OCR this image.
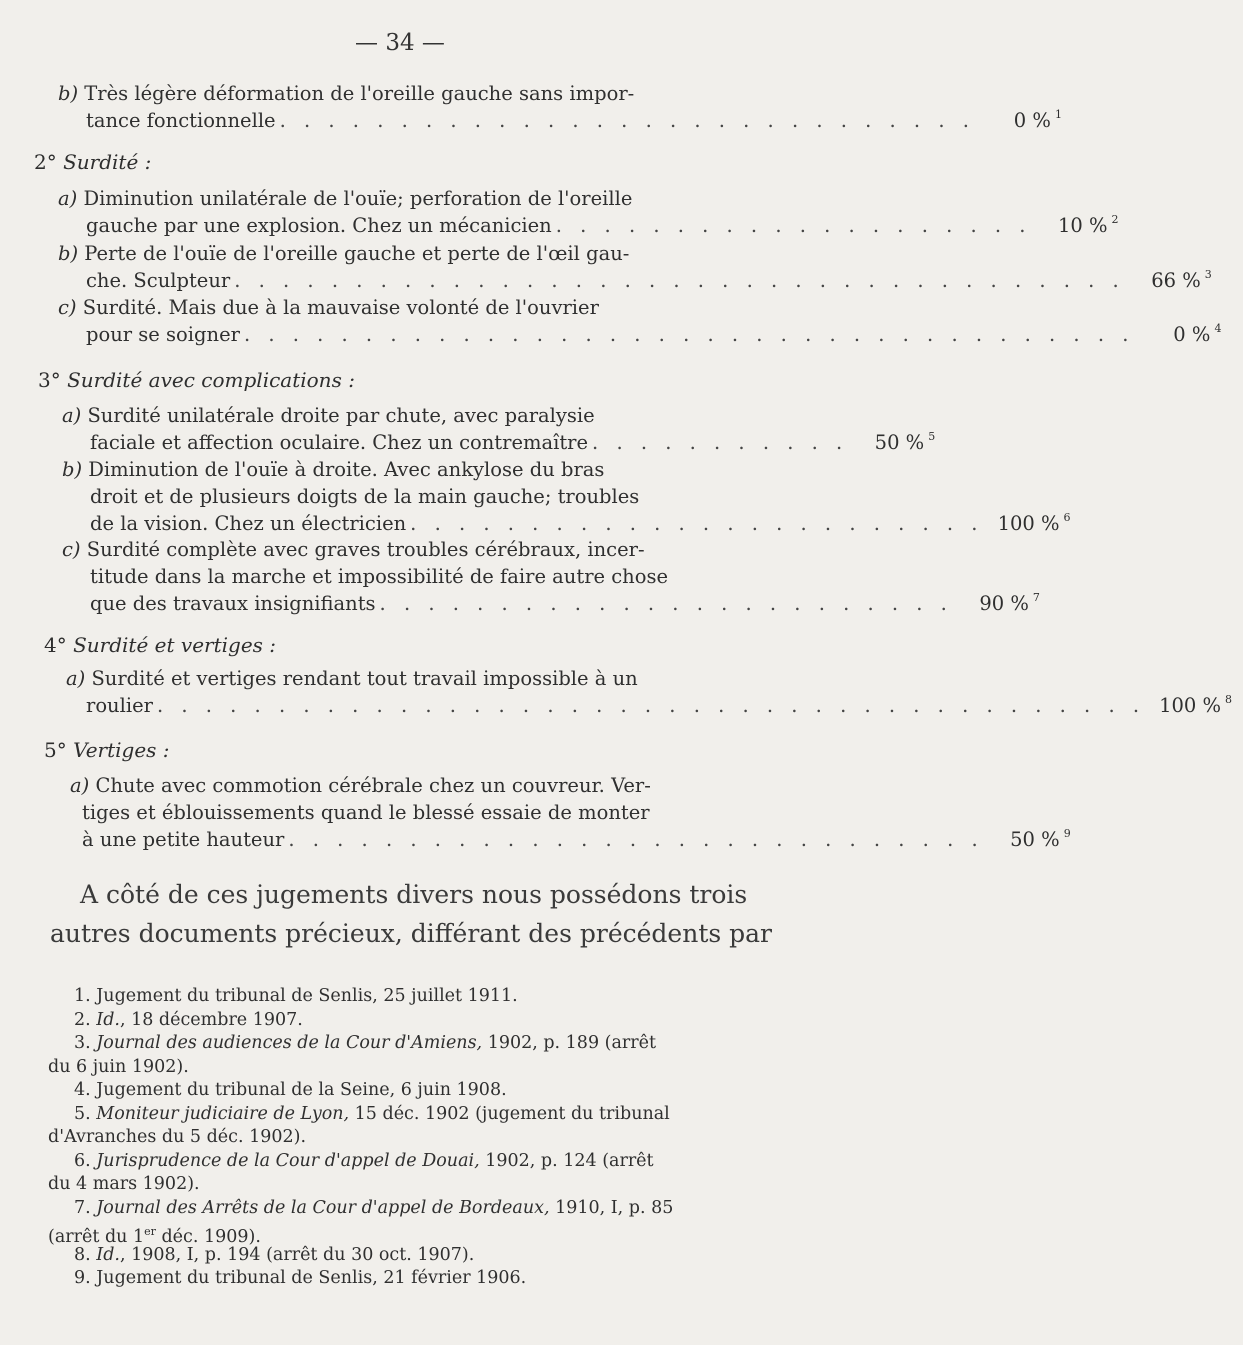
— 34 —
b) Très légère déformation de l'oreille gauche sans impor-
tance fonctionnelle . . . . . . . . . . . . . . . . . . . . . . . . . . . . .	0 % 1
2° Surdité :
a) Diminution unilatérale de l'ouïe; perforation de l'oreille
gauche par une explosion. Chez un mécanicien . . . . . . . . . . . . . . . . . . . .	10 % 2
b) Perte de l'ouïe de l'oreille gauche et perte de l'œil gau-
che. Sculpteur . . . . . . . . . . . . . . . . . . . . . . . . . . . . . . . . . . . . .	66 % 3
c) Surdité. Mais due à la mauvaise volonté de l'ouvrier
pour se soigner . . . . . . . . . . . . . . . . . . . . . . . . . . . . . . . . . . . . .	0 % 4
3° Surdité avec complications :
a) Surdité unilatérale droite par chute, avec paralysie
faciale et affection oculaire. Chez un contremaître . . . . . . . . . . .	50 % 5
b) Diminution de l'ouïe à droite. Avec ankylose du bras
droit et de plusieurs doigts de la main gauche; troubles
de la vision. Chez un électricien . . . . . . . . . . . . . . . . . . . . . . . . 100 % 6
c) Surdité complète avec graves troubles cérébraux, incer-
titude dans la marche et impossibilité de faire autre chose
que des travaux insignifiants . . . . . . . . . . . . . . . . . . . . . . . .	90 % 7
4° Surdité et vertiges :
a) Surdité et vertiges rendant tout travail impossible à un
roulier . . . . . . . . . . . . . . . . . . . . . . . . . . . . . . . . . . . . . . . . . 100 % 8
5° Vertiges :
a) Chute avec commotion cérébrale chez un couvreur. Ver-
tiges et éblouissements quand le blessé essaie de monter
à une petite hauteur . . . . . . . . . . . . . . . . . . . . . . . . . . . . .	50 % 9
A côté de ces jugements divers nous possédons trois
autres documents précieux, différant des précédents par
1. Jugement du tribunal de Senlis, 25 juillet 1911.
2. Id., 18 décembre 1907.
3. Journal des audiences de la Cour d'Amiens, 1902, p. 189 (arrêt
du 6 juin 1902).
4. Jugement du tribunal de la Seine, 6 juin 1908.
5. Moniteur judiciaire de Lyon, 15 déc. 1902 (jugement du tribunal
d'Avranches du 5 déc. 1902).
6. Jurisprudence de la Cour d'appel de Douai, 1902, p. 124 (arrêt
du 4 mars 1902).
7. Journal des Arrêts de la Cour d'appel de Bordeaux, 1910, I, p. 85
(arrêt du 1er déc. 1909).
8. Id., 1908, I, p. 194 (arrêt du 30 oct. 1907).
9. Jugement du tribunal de Senlis, 21 février 1906.
